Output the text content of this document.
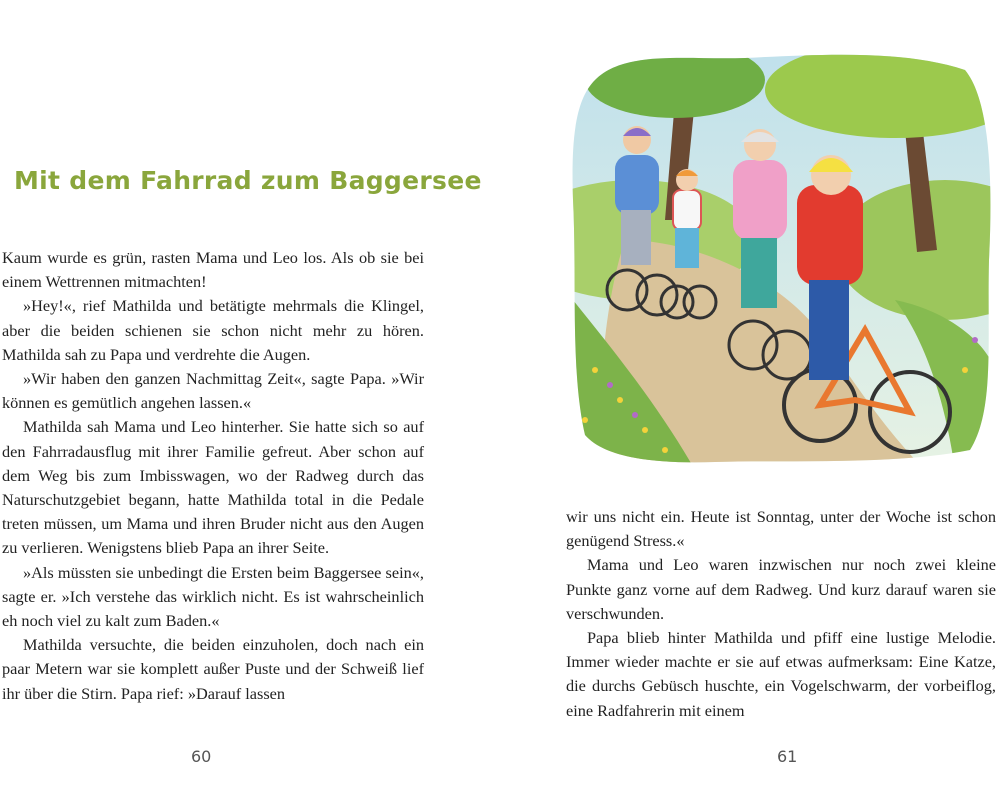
Mit dem Fahrrad zum Baggersee

Kaum wurde es grün, rasten Mama und Leo los. Als ob sie bei einem Wettrennen mitmachten!

»Hey!«, rief Mathilda und betätigte mehrmals die Klingel, aber die beiden schienen sie schon nicht mehr zu hören. Mathilda sah zu Papa und verdrehte die Augen.

»Wir haben den ganzen Nachmittag Zeit«, sagte Papa. »Wir können es gemütlich angehen lassen.«

Mathilda sah Mama und Leo hinterher. Sie hatte sich so auf den Fahrradausflug mit ihrer Familie gefreut. Aber schon auf dem Weg bis zum Imbisswagen, wo der Radweg durch das Naturschutzgebiet begann, hatte Mathilda total in die Pedale treten müssen, um Mama und ihren Bruder nicht aus den Augen zu verlieren. Wenigstens blieb Papa an ihrer Seite.

»Als müssten sie unbedingt die Ersten beim Baggersee sein«, sagte er. »Ich verstehe das wirklich nicht. Es ist wahrscheinlich eh noch viel zu kalt zum Baden.«

Mathilda versuchte, die beiden einzuholen, doch nach ein paar Metern war sie komplett außer Puste und der Schweiß lief ihr über die Stirn. Papa rief: »Darauf lassen

60

wir uns nicht ein. Heute ist Sonntag, unter der Woche ist schon genügend Stress.«

Mama und Leo waren inzwischen nur noch zwei kleine Punkte ganz vorne auf dem Radweg. Und kurz darauf waren sie verschwunden.

Papa blieb hinter Mathilda und pfiff eine lustige Melodie. Immer wieder machte er sie auf etwas aufmerksam: Eine Katze, die durchs Gebüsch huschte, ein Vogelschwarm, der vorbeiflog, eine Radfahrerin mit einem

61
